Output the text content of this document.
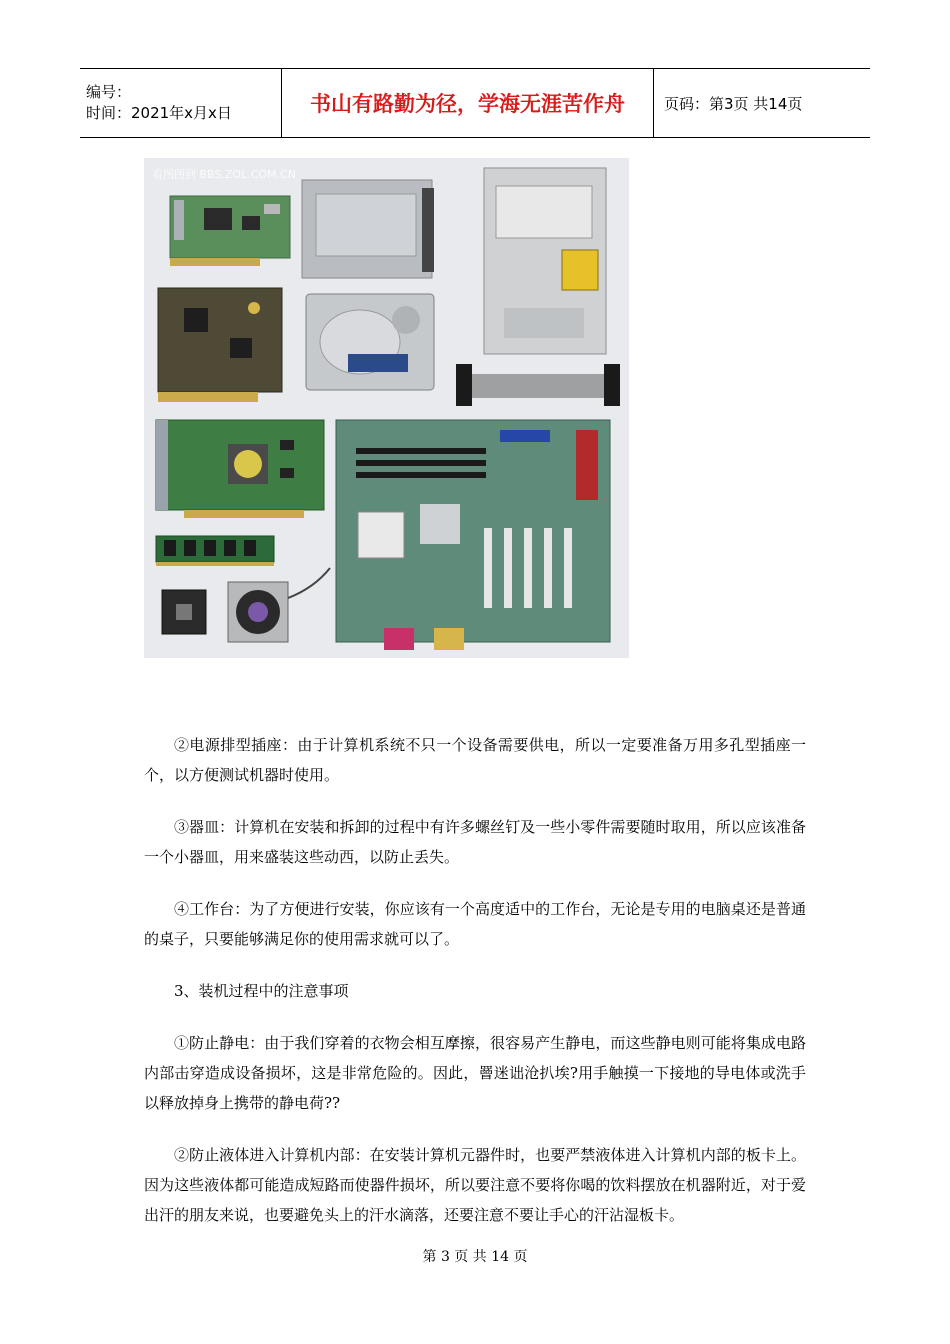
编号：
时间：2021年x月x日	书山有路勤为径，学海无涯苦作舟	页码：第3页 共14页
看图图到 BBS.ZOL.COM.CN

②电源排型插座：由于计算机系统不只一个设备需要供电，所以一定要准备万用多孔型插座一个，以方便测试机器时使用。

③器皿：计算机在安装和拆卸的过程中有许多螺丝钉及一些小零件需要随时取用，所以应该准备一个小器皿，用来盛装这些动西，以防止丢失。

④工作台：为了方便进行安装，你应该有一个高度适中的工作台，无论是专用的电脑桌还是普通的桌子，只要能够满足你的使用需求就可以了。

3、装机过程中的注意事项

①防止静电：由于我们穿着的衣物会相互摩擦，很容易产生静电，而这些静电则可能将集成电路内部击穿造成设备损坏，这是非常危险的。因此，罾迷诎沧扒埃?用手触摸一下接地的导电体或洗手以释放掉身上携带的静电荷??

②防止液体进入计算机内部：在安装计算机元器件时，也要严禁液体进入计算机内部的板卡上。因为这些液体都可能造成短路而使器件损坏，所以要注意不要将你喝的饮料摆放在机器附近，对于爱出汗的朋友来说，也要避免头上的汗水滴落，还要注意不要让手心的汗沾湿板卡。

第 3 页 共 14 页
